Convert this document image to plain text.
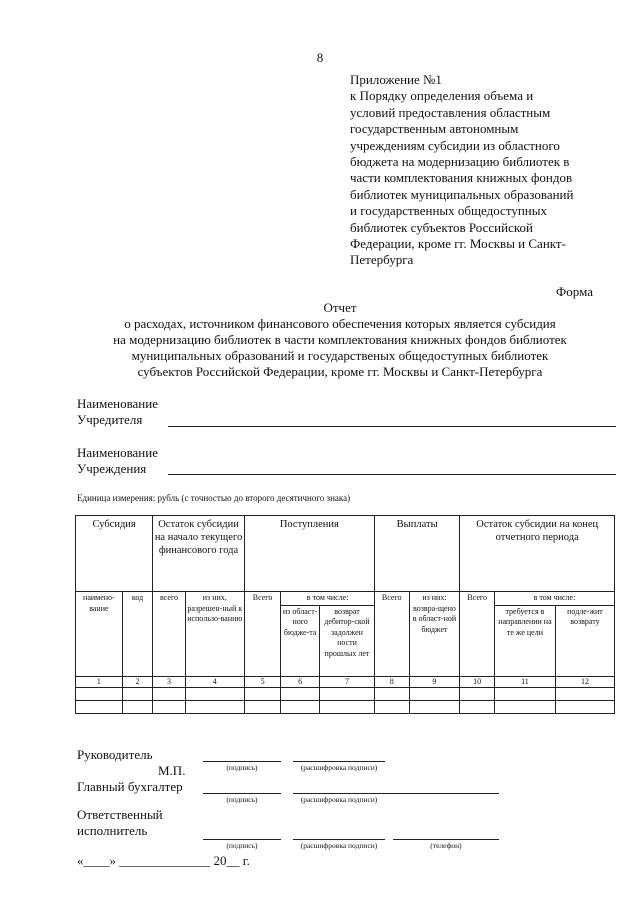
8
Приложение №1
к Порядку определения объема и
условий предоставления областным
государственным автономным
учреждениям субсидии из областного
бюджета на модернизацию библиотек в
части комплектования книжных фондов
библиотек муниципальных образований
и государственных общедоступных
библиотек субъектов Российской
Федерации, кроме гг. Москвы и Санкт-
Петербурга
Форма
Отчет
о расходах, источником финансового обеспечения которых является субсидия
на модернизацию библиотек в части комплектования книжных фондов библиотек
муниципальных образований и государственых общедоступных библиотек
субъектов Российской Федерации, кроме гг. Москвы и Санкт-Петербурга
Наименование
Учредителя
Наименование
Учреждения
Единица измерения: рубль (с точностью до второго десятичного знака)
Субсидия		Остаток субсидии на начало текущего финансового года		Поступления			Выплаты		Остаток субсидии на конец отчетного периода		
наимено-вание	код	всего	из них, разрешен-ный к использо-ванию	Всего	в том числе:		Всего	из них: возвра-щено в област-ной бюджет	Всего	в том числе:	
					из област-ного бюдже-та	возврат дебитор-ской задолжен ности прошлых лет				требуется в направлении на те же цели	подле-жит возврату
1	2	3	4	5	6	7	8	9	10	11	12

Руководитель
(подпись)	(расшифровка подписи)
М.П.
Главный бухгалтер
(подпись)	(расшифровка подписи)
Ответственный
исполнитель
(подпись)	(расшифровка подписи)	(телефон)
«____» ______________ 20__ г.
